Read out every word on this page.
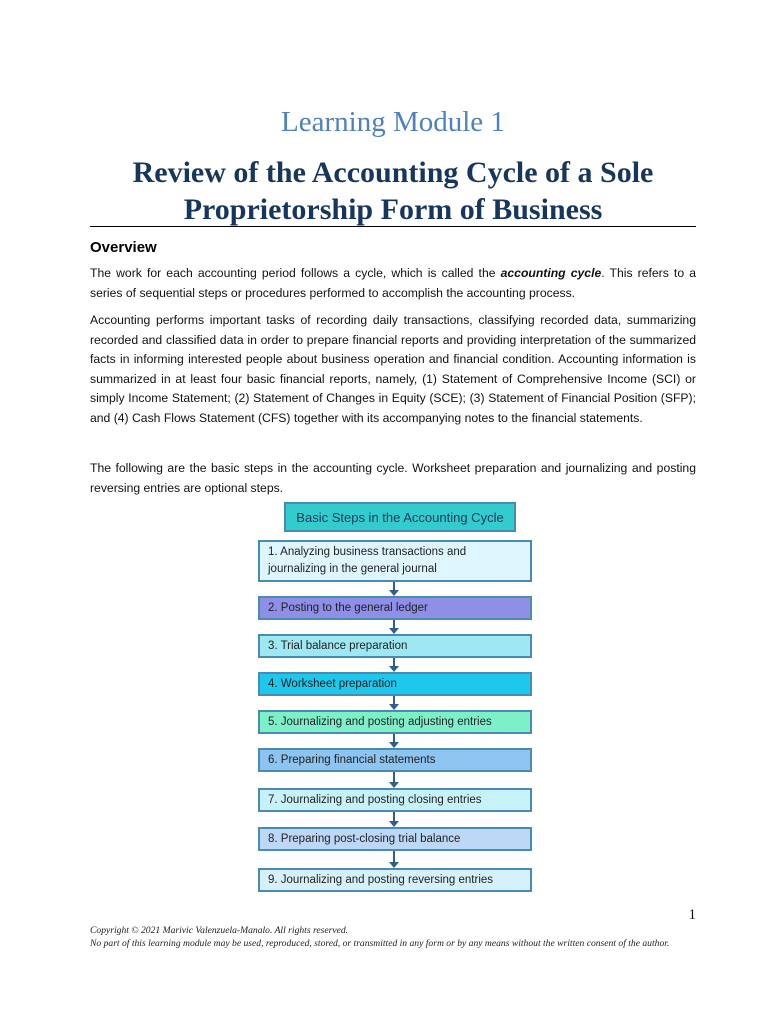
Learning Module 1
Review of the Accounting Cycle of a Sole Proprietorship Form of Business
Overview
The work for each accounting period follows a cycle, which is called the accounting cycle. This refers to a series of sequential steps or procedures performed to accomplish the accounting process.
Accounting performs important tasks of recording daily transactions, classifying recorded data, summarizing recorded and classified data in order to prepare financial reports and providing interpretation of the summarized facts in informing interested people about business operation and financial condition. Accounting information is summarized in at least four basic financial reports, namely, (1) Statement of Comprehensive Income (SCI) or simply Income Statement; (2) Statement of Changes in Equity (SCE); (3) Statement of Financial Position (SFP); and (4) Cash Flows Statement (CFS) together with its accompanying notes to the financial statements.
The following are the basic steps in the accounting cycle. Worksheet preparation and journalizing and posting reversing entries are optional steps.
Basic Steps in the Accounting Cycle
1. Analyzing business transactions and journalizing in the general journal
2. Posting to the general ledger
3. Trial balance preparation
4. Worksheet preparation
5. Journalizing and posting adjusting entries
6. Preparing financial statements
7. Journalizing and posting closing entries
8. Preparing post-closing trial balance
9. Journalizing and posting reversing entries
1
Copyright © 2021 Marivic Valenzuela-Manalo. All rights reserved.
No part of this learning module may be used, reproduced, stored, or transmitted in any form or by any means without the written consent of the author.
